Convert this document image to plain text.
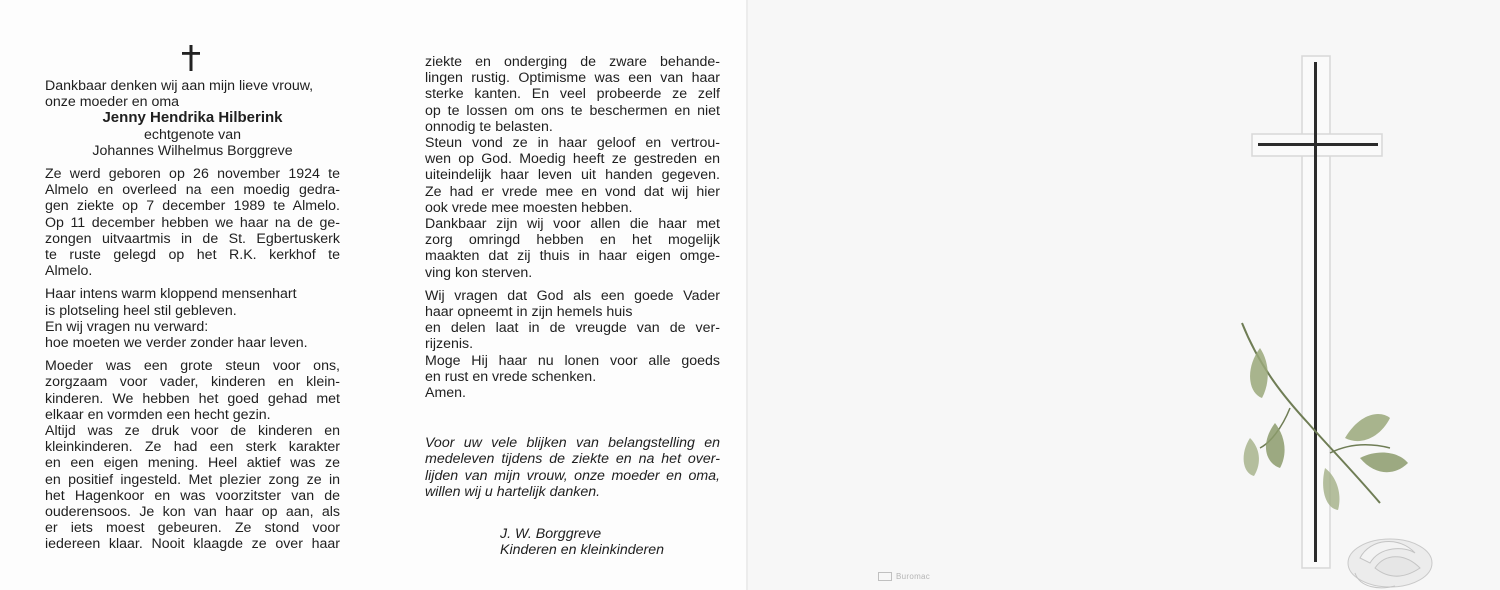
Dankbaar denken wij aan mijn lieve vrouw,
onze moeder en oma
Jenny Hendrika Hilberink
echtgenote van
Johannes Wilhelmus Borggreve
Ze werd geboren op 26 november 1924 te
Almelo en overleed na een moedig gedra-
gen ziekte op 7 december 1989 te Almelo.
Op 11 december hebben we haar na de ge-
zongen uitvaartmis in de St. Egbertuskerk
te ruste gelegd op het R.K. kerkhof te
Almelo.
Haar intens warm kloppend mensenhart
is plotseling heel stil gebleven.
En wij vragen nu verward:
hoe moeten we verder zonder haar leven.
Moeder was een grote steun voor ons,
zorgzaam voor vader, kinderen en klein-
kinderen. We hebben het goed gehad met
elkaar en vormden een hecht gezin.
Altijd was ze druk voor de kinderen en
kleinkinderen. Ze had een sterk karakter
en een eigen mening. Heel aktief was ze
en positief ingesteld. Met plezier zong ze in
het Hagenkoor en was voorzitster van de
ouderensoos. Je kon van haar op aan, als
er iets moest gebeuren. Ze stond voor
iedereen klaar. Nooit klaagde ze over haar
ziekte en onderging de zware behande-
lingen rustig. Optimisme was een van haar
sterke kanten. En veel probeerde ze zelf
op te lossen om ons te beschermen en niet
onnodig te belasten.
Steun vond ze in haar geloof en vertrou-
wen op God. Moedig heeft ze gestreden en
uiteindelijk haar leven uit handen gegeven.
Ze had er vrede mee en vond dat wij hier
ook vrede mee moesten hebben.
Dankbaar zijn wij voor allen die haar met
zorg omringd hebben en het mogelijk
maakten dat zij thuis in haar eigen omge-
ving kon sterven.
Wij vragen dat God als een goede Vader
haar opneemt in zijn hemels huis
en delen laat in de vreugde van de ver-
rijzenis.
Moge Hij haar nu lonen voor alle goeds
en rust en vrede schenken.
Amen.
Voor uw vele blijken van belangstelling en
medeleven tijdens de ziekte en na het over-
lijden van mijn vrouw, onze moeder en oma,
willen wij u hartelijk danken.
J. W. Borggreve
Kinderen en kleinkinderen
Buromac
